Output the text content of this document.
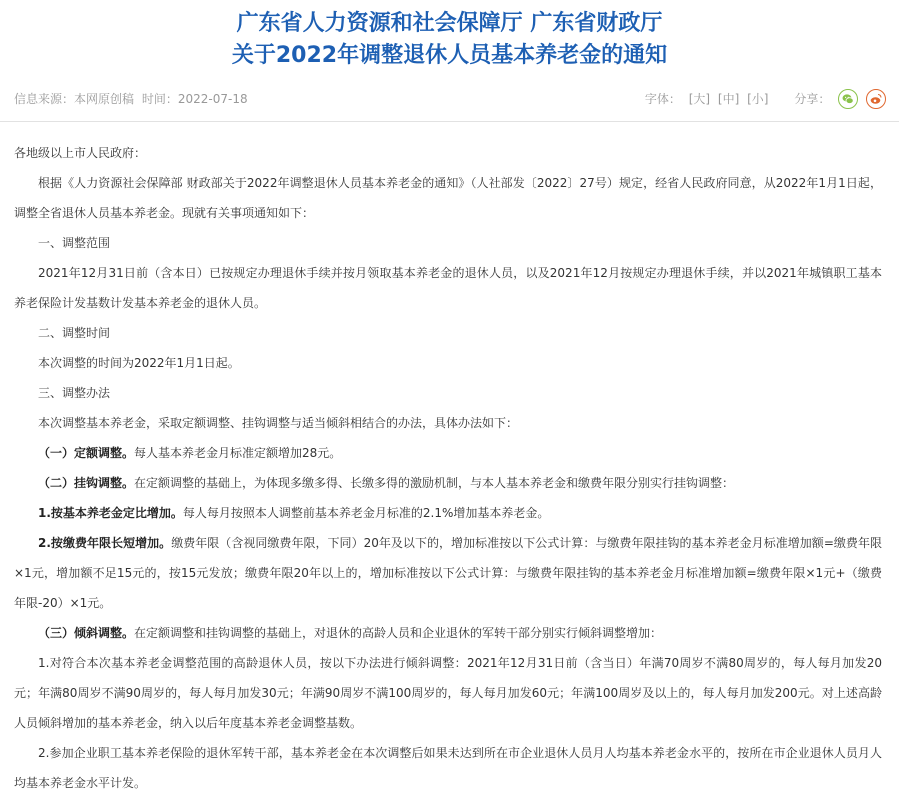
广东省人力资源和社会保障厅 广东省财政厅
关于2022年调整退休人员基本养老金的通知
信息来源：本网原创稿 时间：2022-07-18	字体： [大] [中] [小] 分享：

各地级以上市人民政府：

根据《人力资源社会保障部 财政部关于2022年调整退休人员基本养老金的通知》（人社部发〔2022〕27号）规定，经省人民政府同意，从2022年1月1日起，调整全省退休人员基本养老金。现就有关事项通知如下：

一、调整范围

2021年12月31日前（含本日）已按规定办理退休手续并按月领取基本养老金的退休人员，以及2021年12月按规定办理退休手续，并以2021年城镇职工基本养老保险计发基数计发基本养老金的退休人员。

二、调整时间

本次调整的时间为2022年1月1日起。

三、调整办法

本次调整基本养老金，采取定额调整、挂钩调整与适当倾斜相结合的办法，具体办法如下：

（一）定额调整。每人基本养老金月标准定额增加28元。

（二）挂钩调整。在定额调整的基础上，为体现多缴多得、长缴多得的激励机制，与本人基本养老金和缴费年限分别实行挂钩调整：

1.按基本养老金定比增加。每人每月按照本人调整前基本养老金月标准的2.1%增加基本养老金。

2.按缴费年限长短增加。缴费年限（含视同缴费年限，下同）20年及以下的，增加标准按以下公式计算：与缴费年限挂钩的基本养老金月标准增加额=缴费年限×1元，增加额不足15元的，按15元发放；缴费年限20年以上的，增加标准按以下公式计算：与缴费年限挂钩的基本养老金月标准增加额=缴费年限×1元+（缴费年限-20）×1元。

（三）倾斜调整。在定额调整和挂钩调整的基础上，对退休的高龄人员和企业退休的军转干部分别实行倾斜调整增加：

1.对符合本次基本养老金调整范围的高龄退休人员，按以下办法进行倾斜调整：2021年12月31日前（含当日）年满70周岁不满80周岁的，每人每月加发20元；年满80周岁不满90周岁的，每人每月加发30元；年满90周岁不满100周岁的，每人每月加发60元；年满100周岁及以上的，每人每月加发200元。对上述高龄人员倾斜增加的基本养老金，纳入以后年度基本养老金调整基数。

2.参加企业职工基本养老保险的退休军转干部，基本养老金在本次调整后如果未达到所在市企业退休人员月人均基本养老金水平的，按所在市企业退休人员月人均基本养老金水平计发。
